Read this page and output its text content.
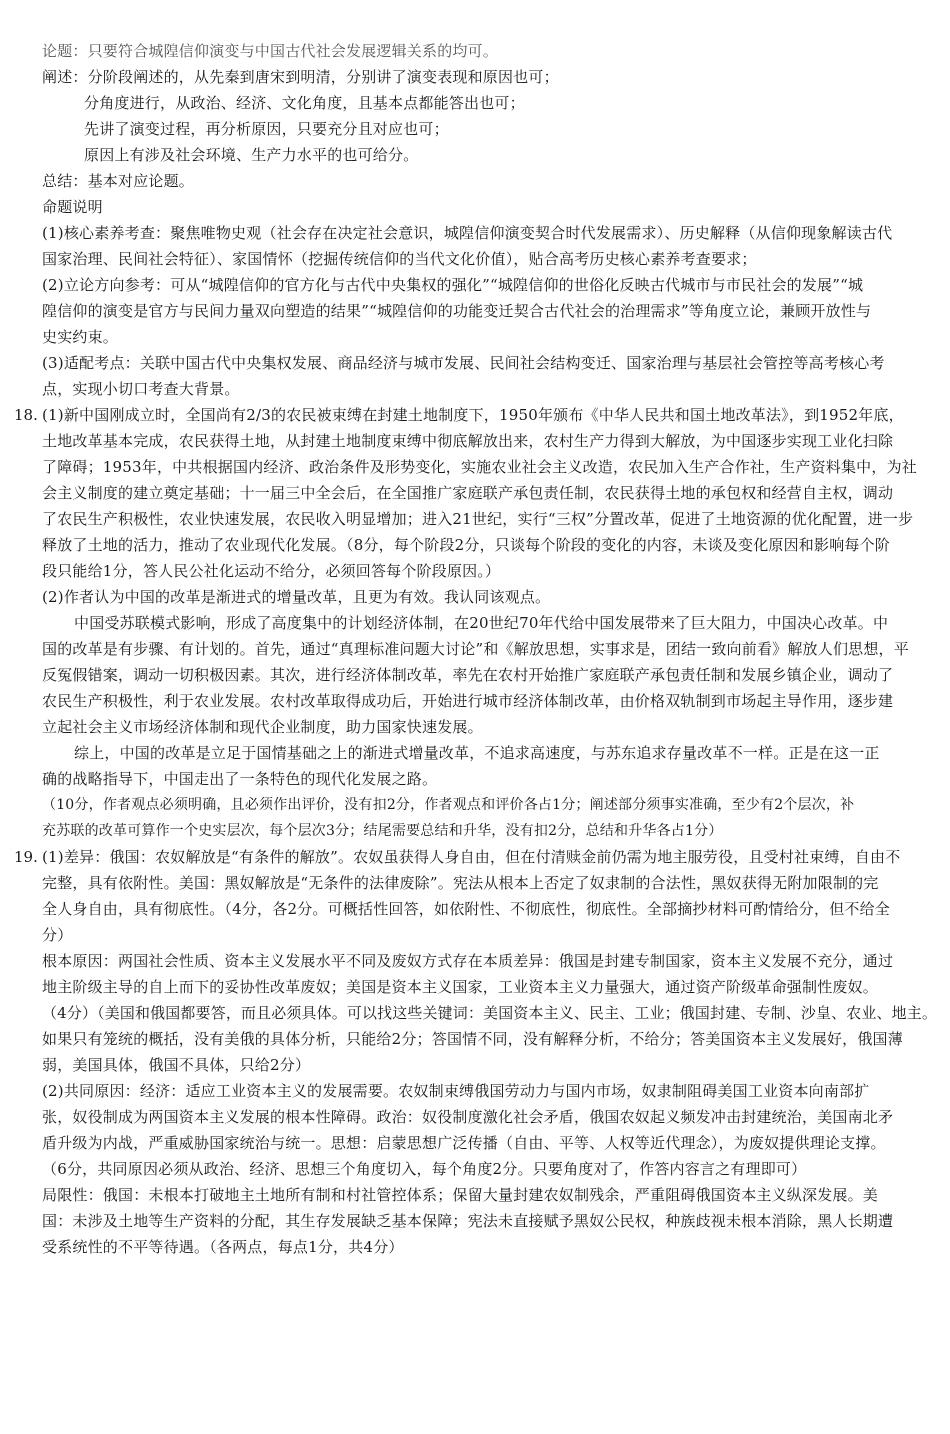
论题：只要符合城隍信仰演变与中国古代社会发展逻辑关系的均可。
阐述：分阶段阐述的，从先秦到唐宋到明清，分别讲了演变表现和原因也可；
分角度进行，从政治、经济、文化角度，且基本点都能答出也可；
先讲了演变过程，再分析原因，只要充分且对应也可；
原因上有涉及社会环境、生产力水平的也可给分。
总结：基本对应论题。
命题说明
(1)核心素养考查：聚焦唯物史观（社会存在决定社会意识，城隍信仰演变契合时代发展需求）、历史解释（从信仰现象解读古代
国家治理、民间社会特征）、家国情怀（挖掘传统信仰的当代文化价值），贴合高考历史核心素养考查要求；
(2)立论方向参考：可从“城隍信仰的官方化与古代中央集权的强化”“城隍信仰的世俗化反映古代城市与市民社会的发展”“城
隍信仰的演变是官方与民间力量双向塑造的结果”“城隍信仰的功能变迁契合古代社会的治理需求”等角度立论，兼顾开放性与
史实约束。
(3)适配考点：关联中国古代中央集权发展、商品经济与城市发展、民间社会结构变迁、国家治理与基层社会管控等高考核心考
点，实现小切口考查大背景。
18. (1)新中国刚成立时，全国尚有2/3的农民被束缚在封建土地制度下，1950年颁布《中华人民共和国土地改革法》，到1952年底，
土地改革基本完成，农民获得土地，从封建土地制度束缚中彻底解放出来，农村生产力得到大解放，为中国逐步实现工业化扫除
了障碍；1953年，中共根据国内经济、政治条件及形势变化，实施农业社会主义改造，农民加入生产合作社，生产资料集中，为社
会主义制度的建立奠定基础；十一届三中全会后，在全国推广家庭联产承包责任制，农民获得土地的承包权和经营自主权，调动
了农民生产积极性，农业快速发展，农民收入明显增加；进入21世纪，实行“三权”分置改革，促进了土地资源的优化配置，进一步
释放了土地的活力，推动了农业现代化发展。（8分，每个阶段2分，只谈每个阶段的变化的内容，未谈及变化原因和影响每个阶
段只能给1分，答人民公社化运动不给分，必须回答每个阶段原因。）
(2)作者认为中国的改革是渐进式的增量改革，且更为有效。我认同该观点。
中国受苏联模式影响，形成了高度集中的计划经济体制，在20世纪70年代给中国发展带来了巨大阻力，中国决心改革。中
国的改革是有步骤、有计划的。首先，通过“真理标准问题大讨论”和《解放思想，实事求是，团结一致向前看》解放人们思想，平
反冤假错案，调动一切积极因素。其次，进行经济体制改革，率先在农村开始推广家庭联产承包责任制和发展乡镇企业，调动了
农民生产积极性，利于农业发展。农村改革取得成功后，开始进行城市经济体制改革，由价格双轨制到市场起主导作用，逐步建
立起社会主义市场经济体制和现代企业制度，助力国家快速发展。
综上，中国的改革是立足于国情基础之上的渐进式增量改革，不追求高速度，与苏东追求存量改革不一样。正是在这一正
确的战略指导下，中国走出了一条特色的现代化发展之路。
（10分，作者观点必须明确，且必须作出评价，没有扣2分，作者观点和评价各占1分；阐述部分须事实准确，至少有2个层次，补
充苏联的改革可算作一个史实层次，每个层次3分；结尾需要总结和升华，没有扣2分，总结和升华各占1分）
19. (1)差异：俄国：农奴解放是“有条件的解放”。农奴虽获得人身自由，但在付清赎金前仍需为地主服劳役，且受村社束缚，自由不
完整，具有依附性。美国：黑奴解放是“无条件的法律废除”。宪法从根本上否定了奴隶制的合法性，黑奴获得无附加限制的完
全人身自由，具有彻底性。（4分，各2分。可概括性回答，如依附性、不彻底性，彻底性。全部摘抄材料可酌情给分，但不给全
分）
根本原因：两国社会性质、资本主义发展水平不同及废奴方式存在本质差异：俄国是封建专制国家，资本主义发展不充分，通过
地主阶级主导的自上而下的妥协性改革废奴；美国是资本主义国家，工业资本主义力量强大，通过资产阶级革命强制性废奴。
（4分）（美国和俄国都要答，而且必须具体。可以找这些关键词：美国资本主义、民主、工业；俄国封建、专制、沙皇、农业、地主。
如果只有笼统的概括，没有美俄的具体分析，只能给2分；答国情不同，没有解释分析，不给分；答美国资本主义发展好，俄国薄
弱，美国具体，俄国不具体，只给2分）
(2)共同原因：经济：适应工业资本主义的发展需要。农奴制束缚俄国劳动力与国内市场，奴隶制阻碍美国工业资本向南部扩
张，奴役制成为两国资本主义发展的根本性障碍。政治：奴役制度激化社会矛盾，俄国农奴起义频发冲击封建统治，美国南北矛
盾升级为内战，严重威胁国家统治与统一。思想：启蒙思想广泛传播（自由、平等、人权等近代理念），为废奴提供理论支撑。
（6分，共同原因必须从政治、经济、思想三个角度切入，每个角度2分。只要角度对了，作答内容言之有理即可）
局限性：俄国：未根本打破地主土地所有制和村社管控体系；保留大量封建农奴制残余，严重阻碍俄国资本主义纵深发展。美
国：未涉及土地等生产资料的分配，其生存发展缺乏基本保障；宪法未直接赋予黑奴公民权，种族歧视未根本消除，黑人长期遭
受系统性的不平等待遇。（各两点，每点1分，共4分）
